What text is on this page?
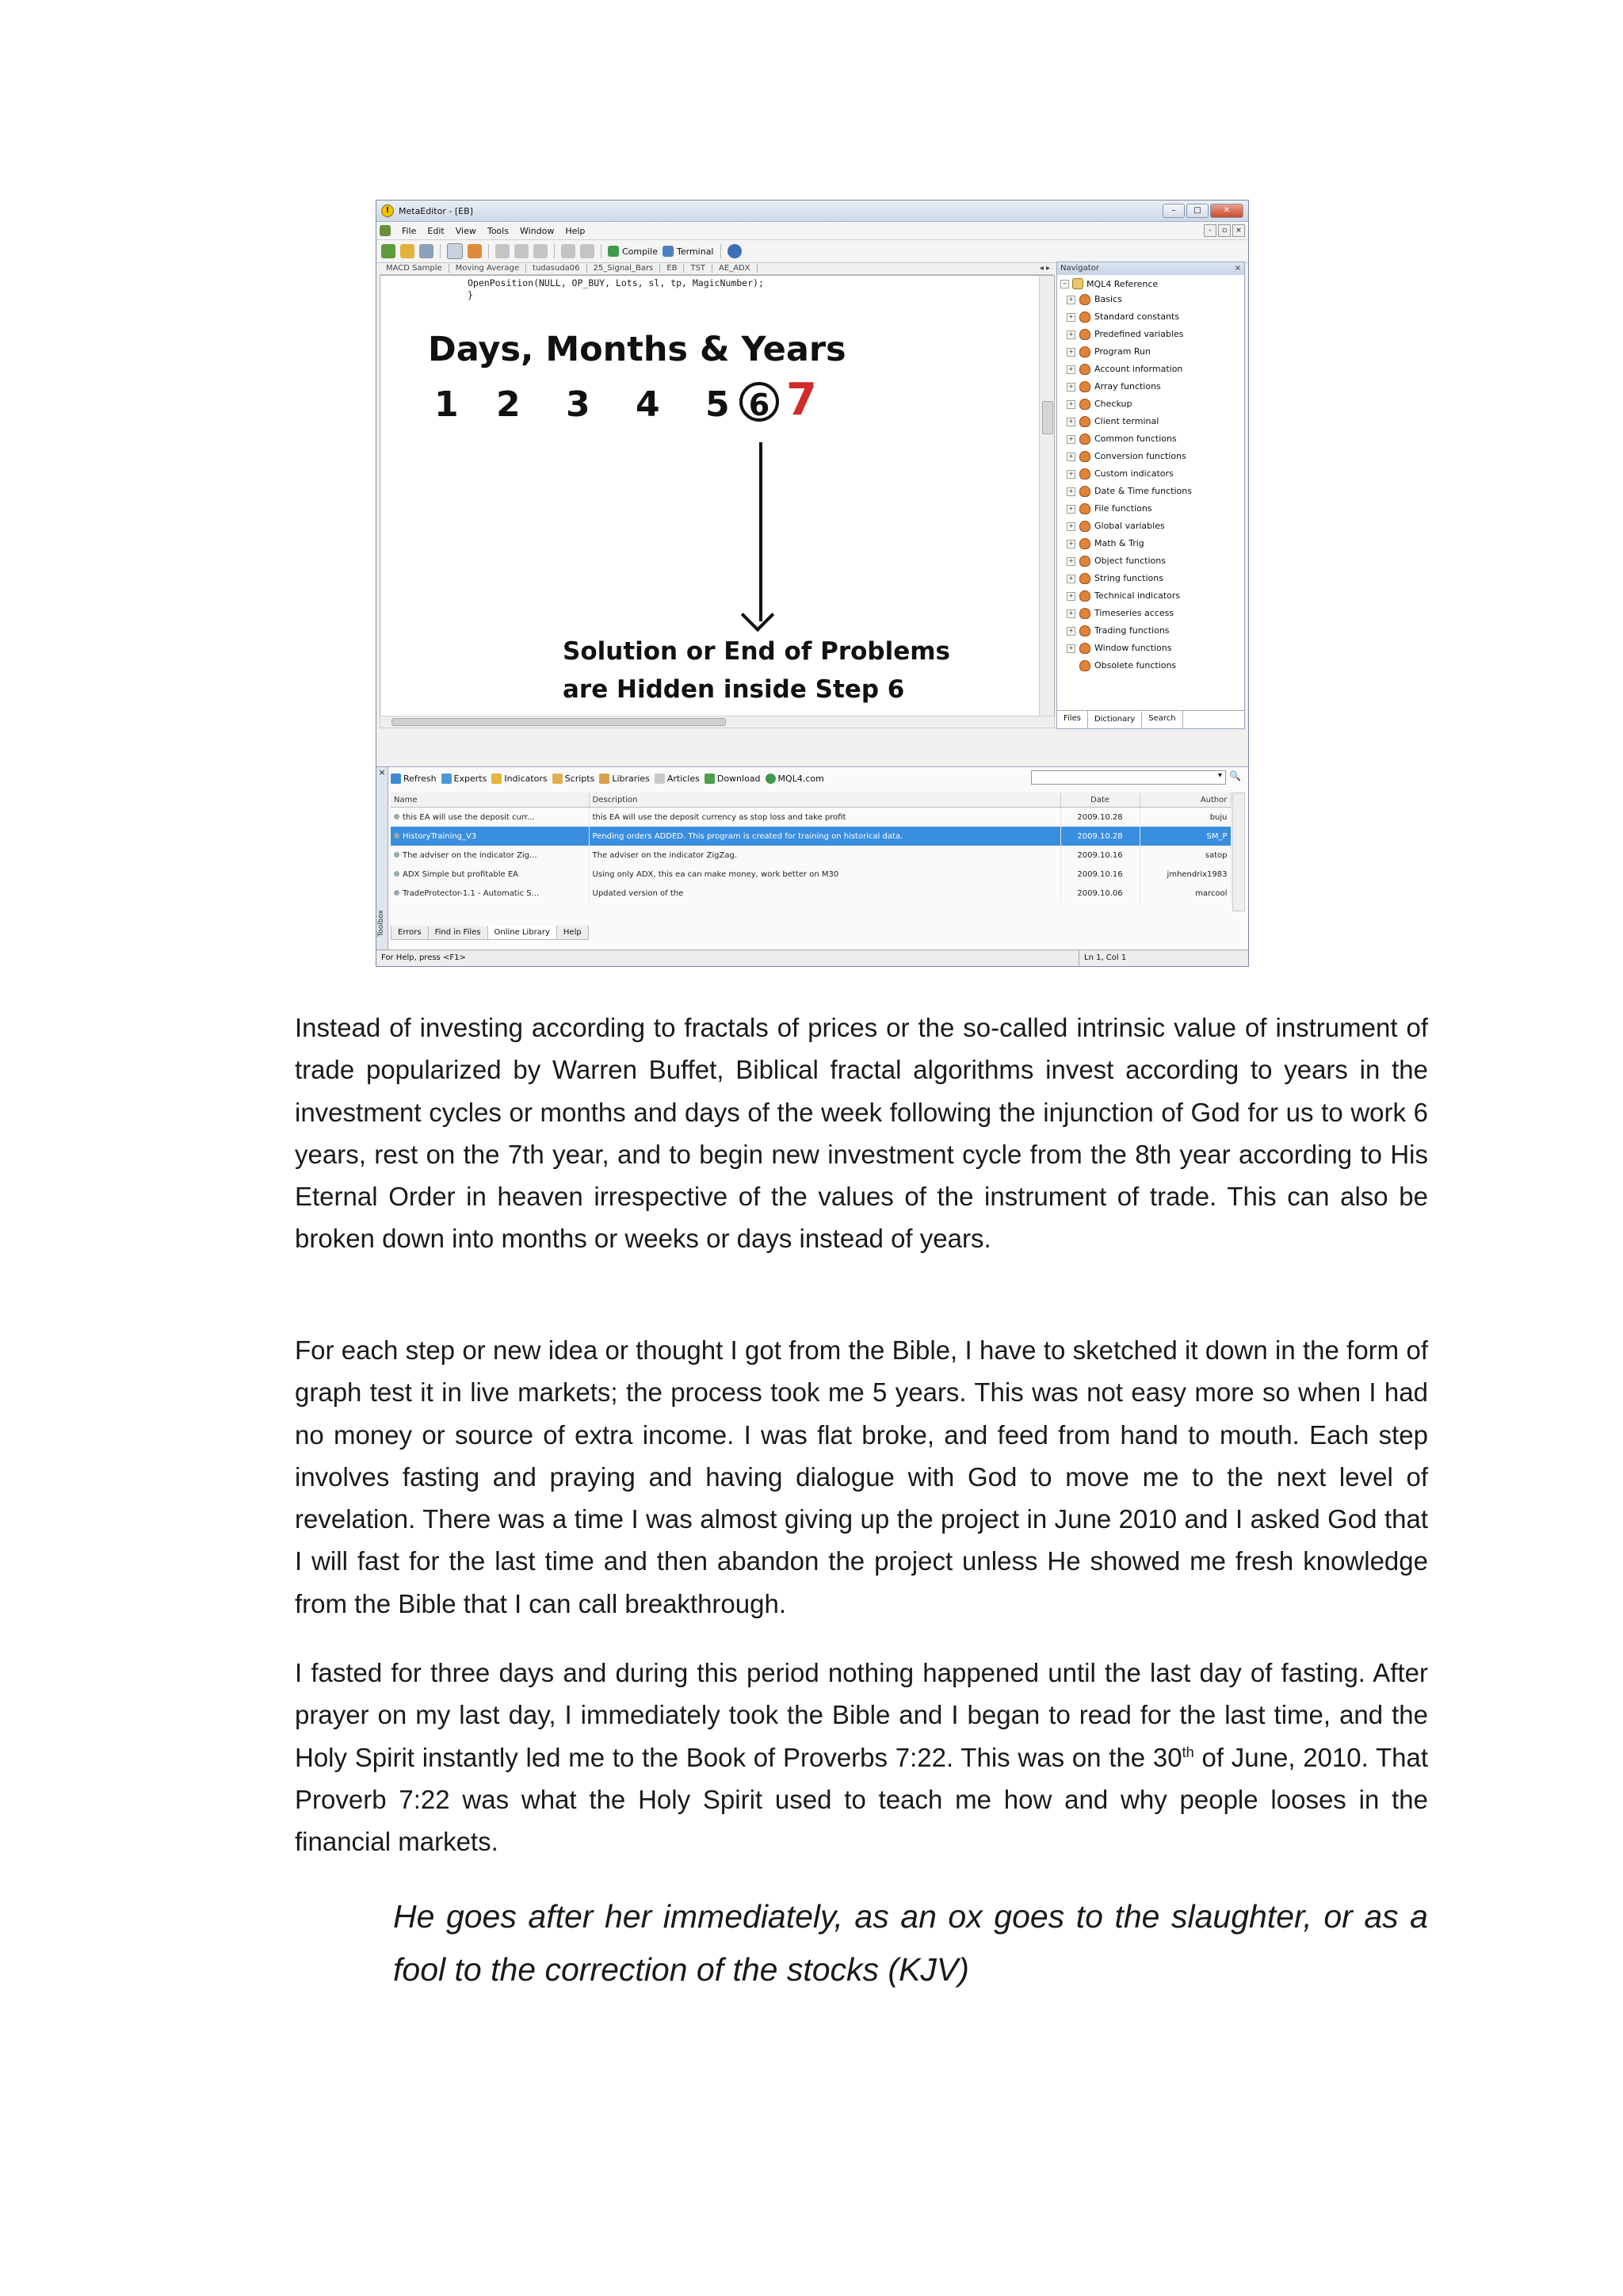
!	MetaEditor - [EB]	–	□	✕
File Edit View Tools Window Help	-	▫	×
Compile Terminal
MACD Sample	Moving Average	tudasuda06	25_Signal_Bars	EB	TST	AE_ADX	◂ ▸
OpenPosition(NULL, OP_BUY, Lots, sl, tp, MagicNumber);
}
Days, Months & Years
1 2 3 4 5 6 7
Solution or End of Problems
are Hidden inside Step 6
Navigator	×
− MQL4 Reference
+ Basics
+ Standard constants
+ Predefined variables
+ Program Run
+ Account information
+ Array functions
+ Checkup
+ Client terminal
+ Common functions
+ Conversion functions
+ Custom indicators
+ Date & Time functions
+ File functions
+ Global variables
+ Math & Trig
+ Object functions
+ String functions
+ Technical indicators
+ Timeseries access
+ Trading functions
+ Window functions
Obsolete functions
Files	Dictionary	Search
×
Toolbox
Refresh Experts Indicators Scripts Libraries Articles Download MQL4.com	▾ 🔍
Name	Description	Date	Author
this EA will use the deposit curr...	this EA will use the deposit currency as stop loss and take profit	2009.10.28	buju
HistoryTraining_V3	Pending orders ADDED. This program is created for training on historical data.	2009.10.28	SM_P
The adviser on the indicator Zig...	The adviser on the indicator ZigZag.	2009.10.16	satop
ADX Simple but profitable EA	Using only ADX, this ea can make money, work better on M30	2009.10.16	jmhendrix1983
TradeProtector-1.1 - Automatic S...	Updated version of the	2009.10.06	marcool
Errors	Find in Files	Online Library	Help
For Help, press <F1>	Ln 1, Col 1

Instead of investing according to fractals of prices or the so-called intrinsic value of instrument of trade popularized by Warren Buffet, Biblical fractal algorithms invest according to years in the investment cycles or months and days of the week following the injunction of God for us to work 6 years, rest on the 7th year, and to begin new investment cycle from the 8th year according to His Eternal Order in heaven irrespective of the values of the instrument of trade. This can also be broken down into months or weeks or days instead of years.

For each step or new idea or thought I got from the Bible, I have to sketched it down in the form of graph test it in live markets; the process took me 5 years. This was not easy more so when I had no money or source of extra income. I was flat broke, and feed from hand to mouth. Each step involves fasting and praying and having dialogue with God to move me to the next level of revelation. There was a time I was almost giving up the project in June 2010 and I asked God that I will fast for the last time and then abandon the project unless He showed me fresh knowledge from the Bible that I can call breakthrough.

I fasted for three days and during this period nothing happened until the last day of fasting. After prayer on my last day, I immediately took the Bible and I began to read for the last time, and the Holy Spirit instantly led me to the Book of Proverbs 7:22. This was on the 30th of June, 2010. That Proverb 7:22 was what the Holy Spirit used to teach me how and why people looses in the financial markets.

He goes after her immediately, as an ox goes to the slaughter, or as a fool to the correction of the stocks (KJV)
